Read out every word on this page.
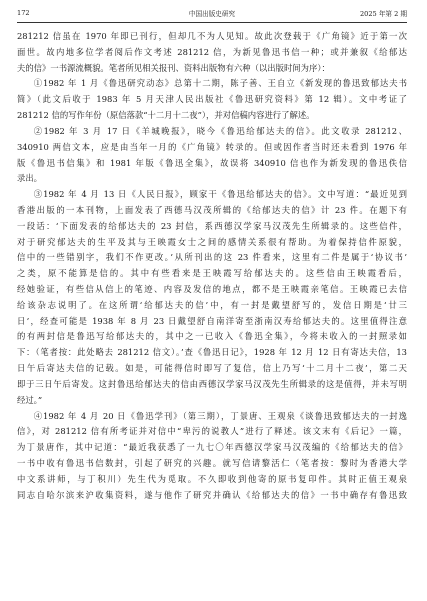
172	中国出版史研究	2025 年第 2 期

281212 信虽在 1970 年即已刊行，但却几不为人见知。故此次登载于《广角镜》近于第一次

面世。故内地多位学者阅后作文考述 281212 信，为新见鲁迅书信一种；或并兼叙《给郁达

夫的信》一书源流概貌。笔者所见相关报刊、资料出版物有六种（以出版时间为序）：

①1982 年 1 月《鲁迅研究动态》总第十二期，陈子善、王自立《新发现的鲁迅致郁达夫书

简》（此文后收于 1983 年 5 月天津人民出版社《鲁迅研究资料》第 12 辑）。文中考证了

281212 信的写作年份（原信落款“十二月十二夜”），并对信稿内容进行了解述。

②1982 年 3 月 17 日《羊城晚报》，晓今《鲁迅给郁达夫的信》。此文收录 281212、

340910 两信文本，应是由当年一月的《广角镜》转录的。但或因作者当时还未看到 1976 年

版《鲁迅书信集》和 1981 年版《鲁迅全集》，故误将 340910 信也作为新发现的鲁迅佚信

录出。

③1982 年 4 月 13 日《人民日报》，顾家干《鲁迅给郁达夫的信》。文中写道：“最近见到

香港出版的一本刊物，上面发表了西德马汉茂所辑的《给郁达夫的信》计 23 件。在题下有

一段话：‘下面发表的给郁达夫的 23 封信，系西德汉学家马汉茂先生所辑录的。这些信件，

对于研究郁达夫的生平及其与王映霞女士之间的感情关系很有帮助。为着保持信件原貌，

信中的一些错别字，我们不作更改。’从所刊出的这 23 件看来，这里有二件是属于‘协议书’

之类，原不能算是信的。其中有些看来是王映霞写给郁达夫的。这些信由王映霞看后，

经她验证，有些信从信上的笔迹、内容及发信的地点，都不是王映霞亲笔信。王映霞已去信

给该杂志说明了。在这所谓‘给郁达夫的信’中，有一封是戴望舒写的，发信日期是‘廿三

日’，经查可能是 1938 年 8 月 23 日戴望舒自南洋寄至浙南汉寿给郁达夫的。这里值得注意

的有两封信是鲁迅写给郁达夫的，其中之一已收入《鲁迅全集》，今将未收入的一封照录如

下：（笔者按：此处略去 281212 信文）。’查《鲁迅日记》，1928 年 12 月 12 日有寄达夫信，13

日午后寄达夫信的记载。如是，可能得信时即写了复信，信上乃写‘十二月十二夜’，第二天

即于三日午后寄发。这封鲁迅给郁达夫的信由西德汉学家马汉茂先生所辑录的这是值得，并未写明

经过。”

④1982 年 4 月 20 日《鲁迅学刊》（第三期），丁景唐、王观泉《谈鲁迅致郁达夫的一封逸

信》，对 281212 信有所考证并对信中“卑污的说教人”进行了释述。该文末有《后记》一篇，

为丁景唐作，其中记道：“最近我获悉了一九七〇年西德汉学家马汉茂编的《给郁达夫的信》

一书中收有鲁迅书信数封，引起了研究的兴趣。就写信请黎活仁（笔者按：黎时为香港大学

中文系讲师，与丁积川）先生代为觅取。不久即收到他寄的原书复印件。其时正值王观泉

同志自哈尔滨来沪收集资料，遂与他作了研究并确认《给郁达夫的信》一书中确存有鲁迅致
